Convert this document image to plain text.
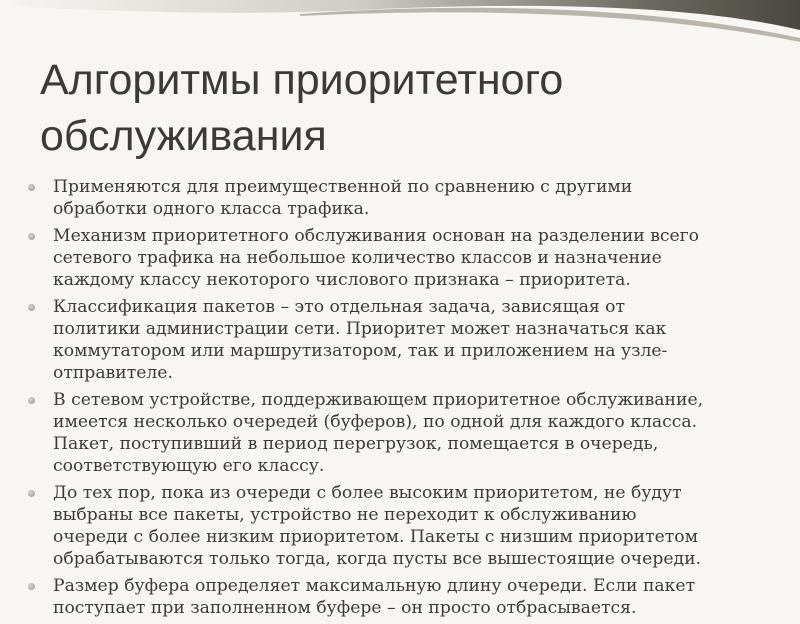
Алгоритмы приоритетного
обслуживания
Применяются для преимущественной по сравнению с другими
обработки одного класса трафика.
Механизм приоритетного обслуживания основан на разделении всего
сетевого трафика на небольшое количество классов и назначение
каждому классу некоторого числового признака – приоритета.
Классификация пакетов – это отдельная задача, зависящая от
политики администрации сети. Приоритет может назначаться как
коммутатором или маршрутизатором, так и приложением на узле-
отправителе.
В сетевом устройстве, поддерживающем приоритетное обслуживание,
имеется несколько очередей (буферов), по одной для каждого класса.
Пакет, поступивший в период перегрузок, помещается в очередь,
соответствующую его классу.
До тех пор, пока из очереди с более высоким приоритетом, не будут
выбраны все пакеты, устройство не переходит к обслуживанию
очереди с более низким приоритетом. Пакеты с низшим приоритетом
обрабатываются только тогда, когда пусты все вышестоящие очереди.
Размер буфера определяет максимальную длину очереди. Если пакет
поступает при заполненном буфере – он просто отбрасывается.
